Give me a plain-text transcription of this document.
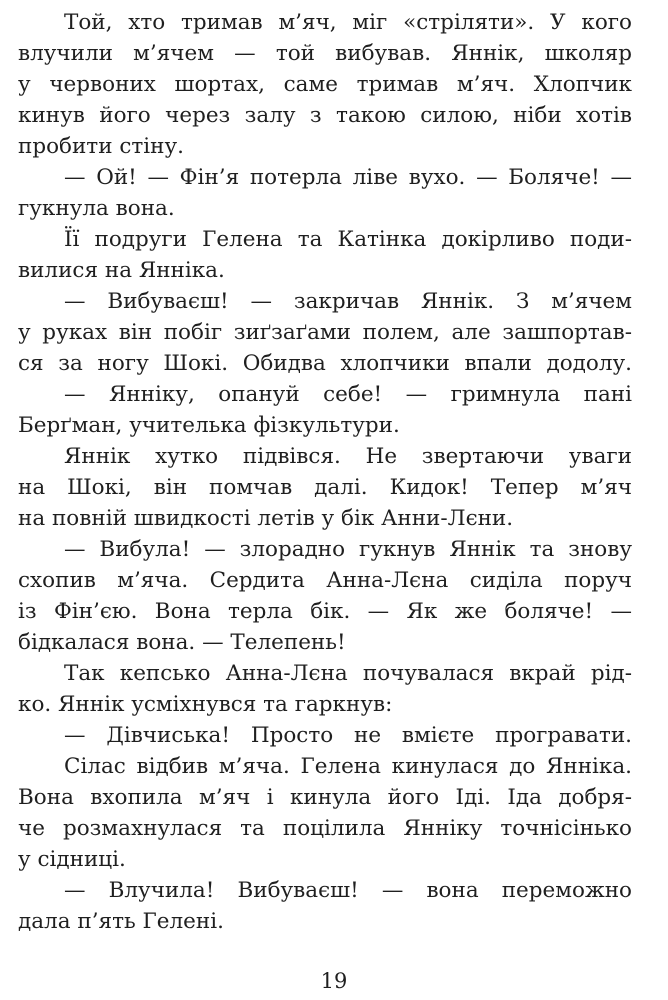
Той, хто тримав м’яч, міг «стріляти». У кого
влучили м’ячем — той вибував. Яннік, школяр
у червоних шортах, саме тримав м’яч. Хлопчик
кинув його через залу з такою силою, ніби хотів
пробити стіну.
— Ой! — Фін’я потерла ліве вухо. — Боляче! —
гукнула вона.
Її подруги Гелена та Катінка докірливо поди-
вилися на Янніка.
— Вибуваєш! — закричав Яннік. З м’ячем
у руках він побіг зиґзаґами полем, але зашпортав-
ся за ногу Шокі. Обидва хлопчики впали додолу.
— Янніку, опануй себе! — гримнула пані
Берґман, учителька фізкультури.
Яннік хутко підвівся. Не звертаючи уваги
на Шокі, він помчав далі. Кидок! Тепер м’яч
на повній швидкості летів у бік Анни-Лєни.
— Вибула! — злорадно гукнув Яннік та знову
схопив м’яча. Сердита Анна-Лєна сиділа поруч
із Фін’єю. Вона терла бік. — Як же боляче! —
бідкалася вона. — Телепень!
Так кепсько Анна-Лєна почувалася вкрай рід-
ко. Яннік усміхнувся та гаркнув:
— Дівчиська! Просто не вмієте програвати.
Сілас відбив м’яча. Гелена кинулася до Янніка.
Вона вхопила м’яч і кинула його Іді. Іда добря-
че розмахнулася та поцілила Янніку точнісінько
у сідниці.
— Влучила! Вибуваєш! — вона переможно
дала п’ять Гелені.
19
